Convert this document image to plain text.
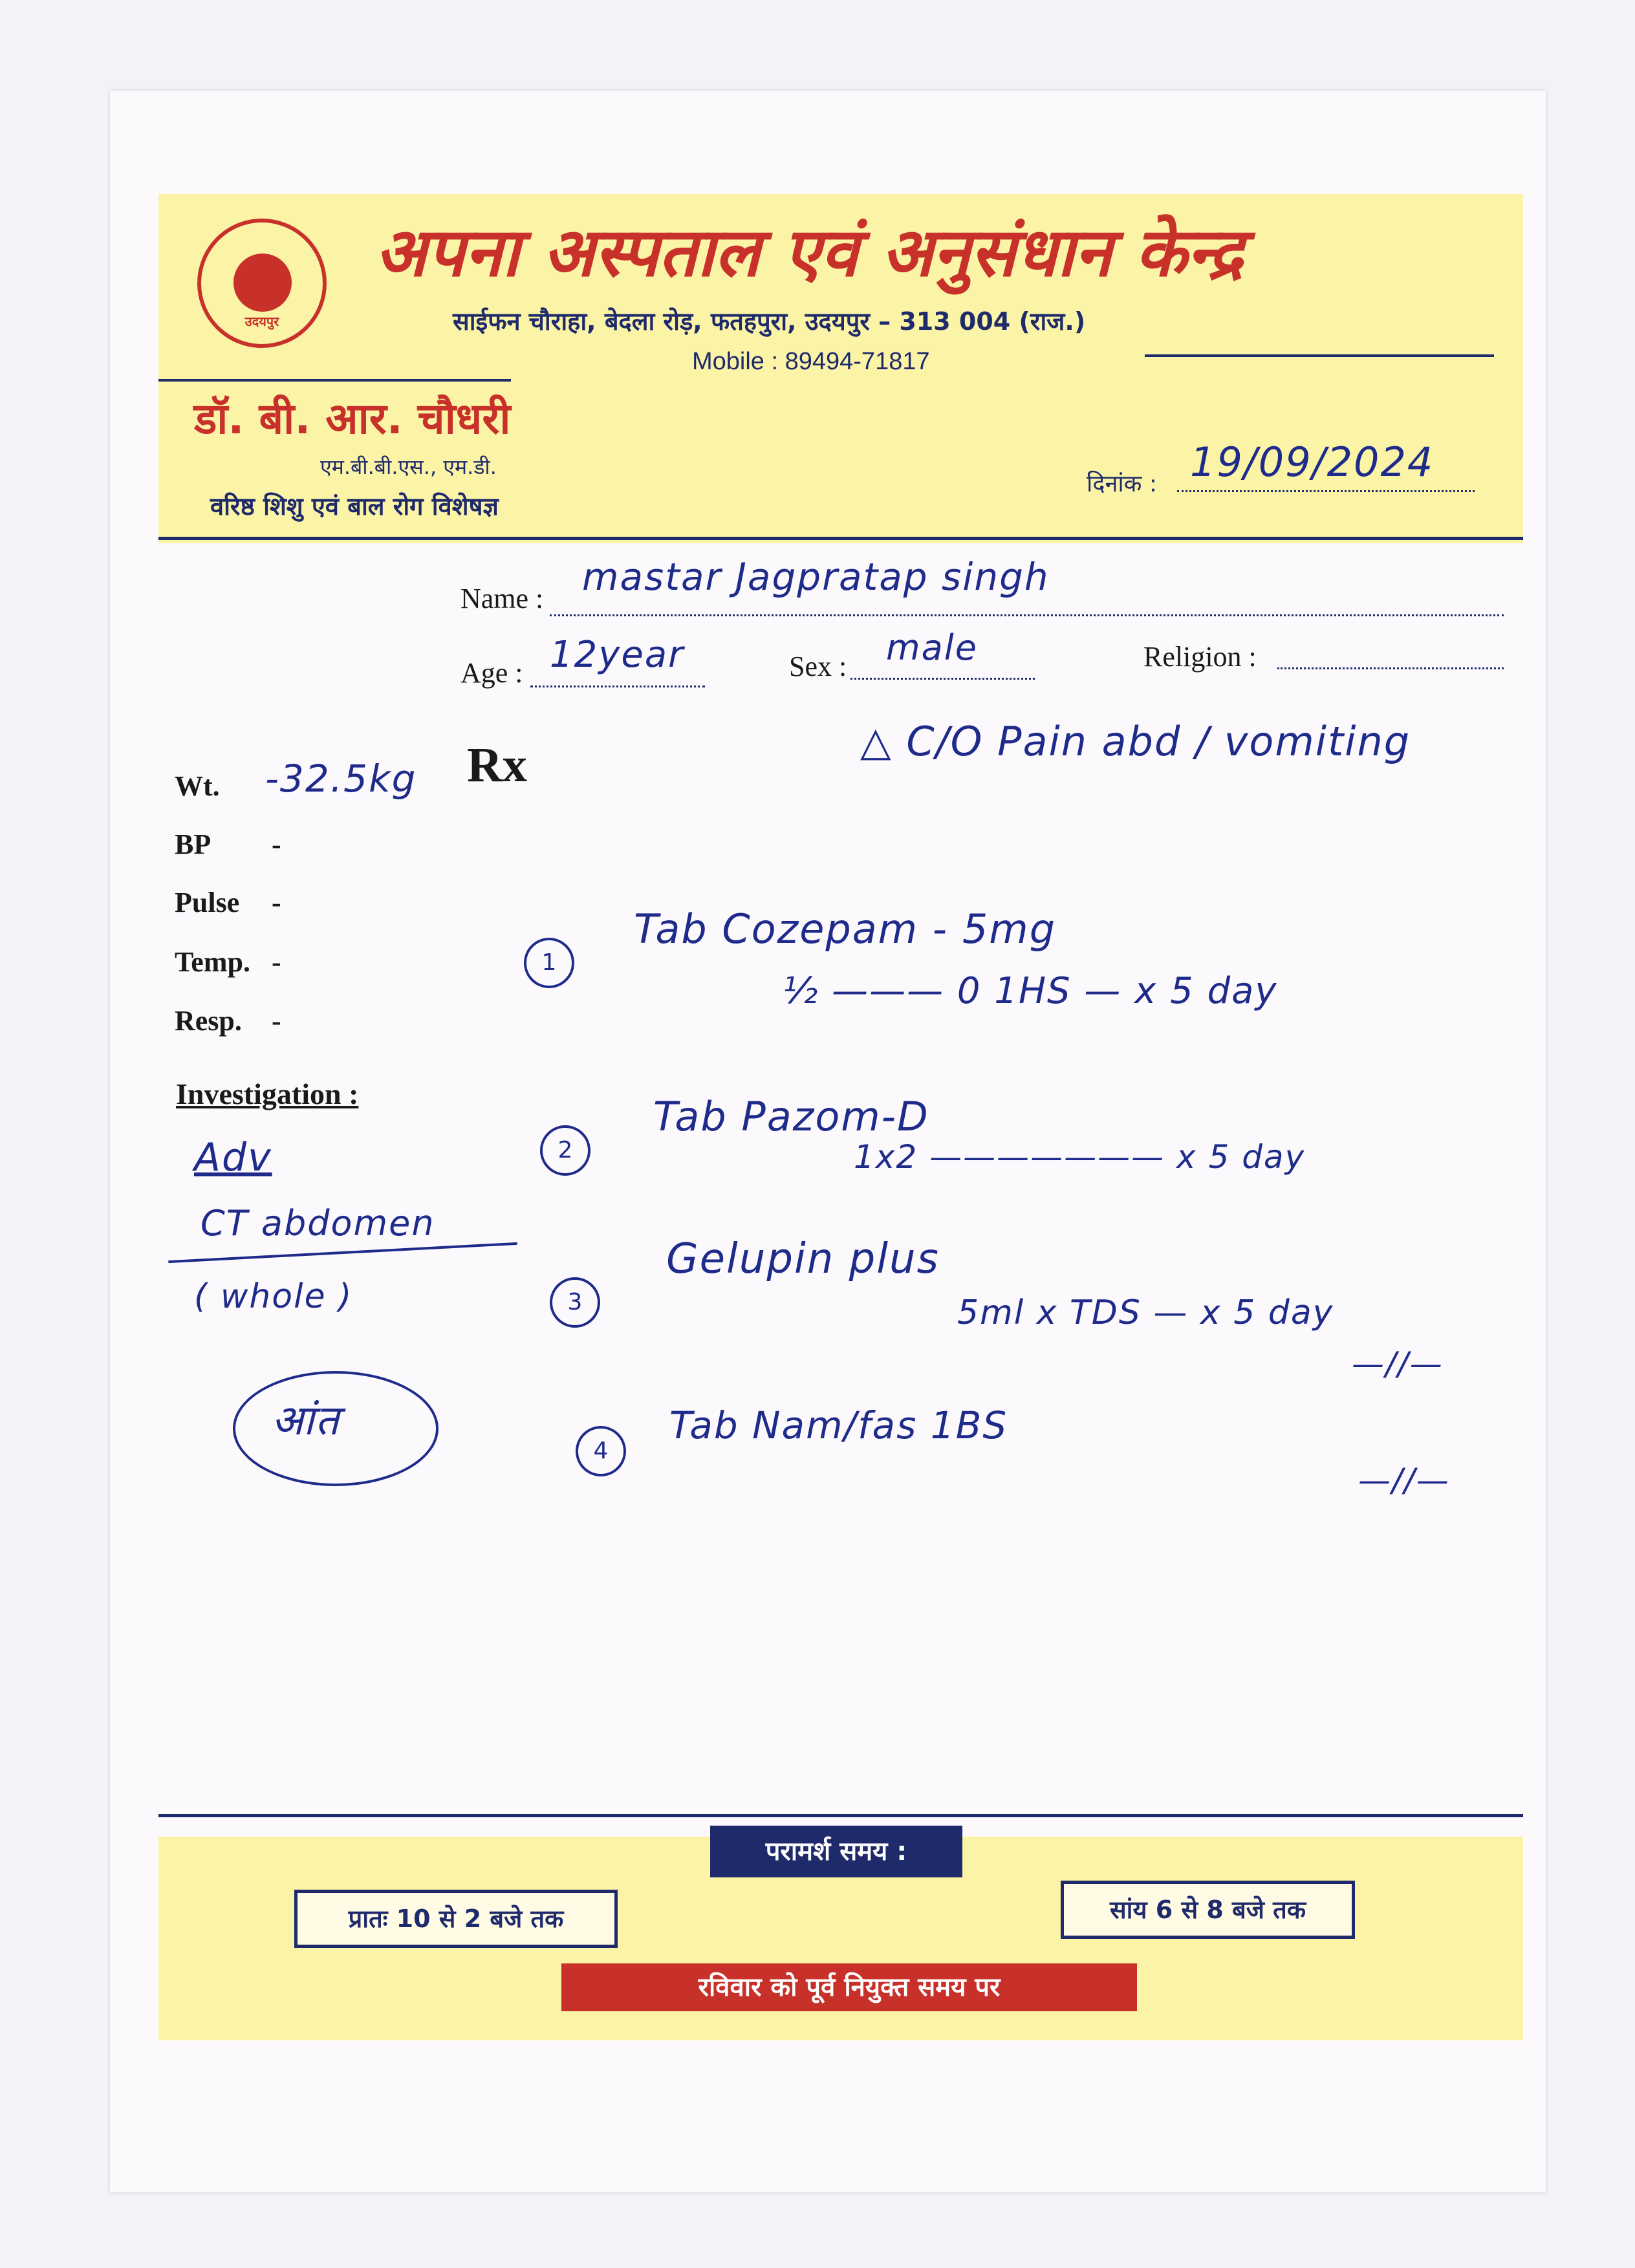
उदयपुर
अपना अस्पताल एवं अनुसंधान केन्द्र
साईफन चौराहा, बेदला रोड़, फतहपुरा, उदयपुर – 313 004 (राज.)
Mobile : 89494-71817
डॉ. बी. आर. चौधरी
एम.बी.बी.एस., एम.डी.
वरिष्ठ शिशु एवं बाल रोग विशेषज्ञ
दिनांक : 19/09/2024
Name : mastar Jagpratap singh
Age : 12year	Sex : male	Religion :
Wt. -32.5kg Rx
BP -
Pulse -
Temp. -
Resp. -
△ C/O Pain abd / vomiting
Investigation :
Adv
CT abdomen
( whole )
आंत
1
Tab Cozepam - 5mg
½ ——— 0 1HS — x 5 day
2
Tab Pazom-D
1x2 ——————— x 5 day
3
Gelupin plus
5ml x TDS — x 5 day
4
Tab Nam/fas 1BS
—//—
—//—
परामर्श समय :
प्रातः 10 से 2 बजे तक	सांय 6 से 8 बजे तक
रविवार को पूर्व नियुक्त समय पर
